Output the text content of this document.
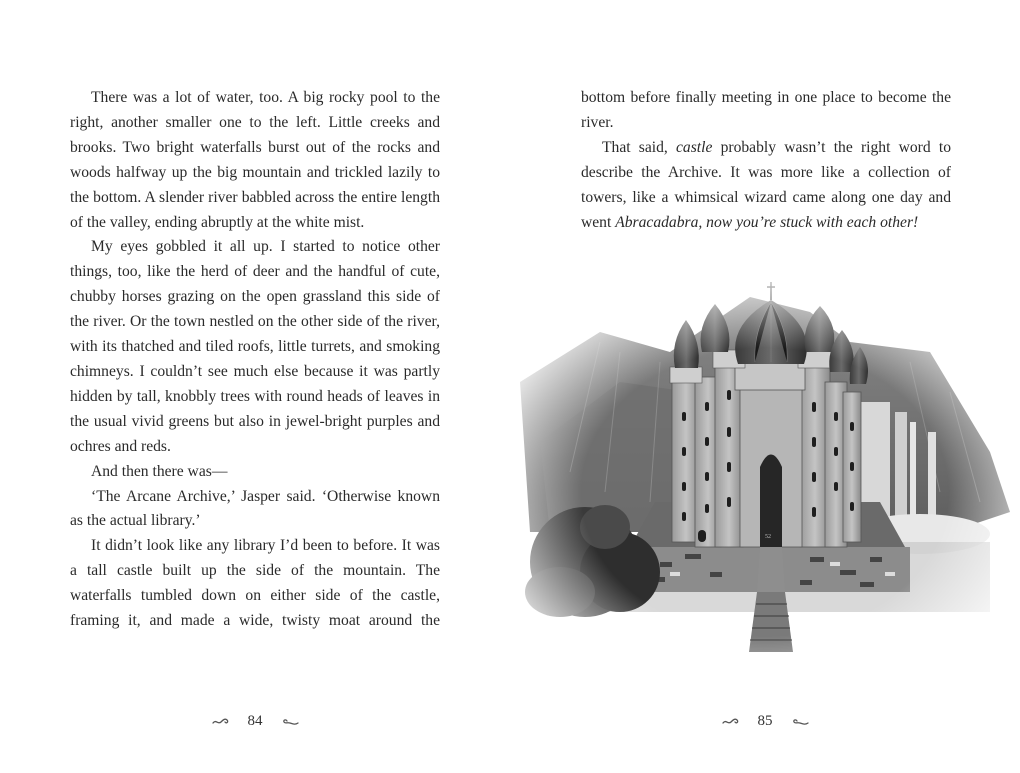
There was a lot of water, too. A big rocky pool to the right, another smaller one to the left. Little creeks and brooks. Two bright waterfalls burst out of the rocks and woods halfway up the big mountain and trickled lazily to the bottom. A slender river babbled across the entire length of the valley, ending abruptly at the white mist.

My eyes gobbled it all up. I started to notice other things, too, like the herd of deer and the handful of cute, chubby horses grazing on the open grassland this side of the river. Or the town nestled on the other side of the river, with its thatched and tiled roofs, little turrets, and smoking chimneys. I couldn’t see much else because it was partly hidden by tall, knobbly trees with round heads of leaves in the usual vivid greens but also in jewel-bright purples and ochres and reds.

And then there was—

‘The Arcane Archive,’ Jasper said. ‘Otherwise known as the actual library.’

It didn’t look like any library I’d been to before. It was a tall castle built up the side of the mountain. The waterfalls tumbled down on either side of the castle, framing it, and made a wide, twisty moat around the

84

bottom before finally meeting in one place to become the river.

That said, castle probably wasn’t the right word to describe the Archive. It was more like a collection of towers, like a whimsical wizard came along one day and went Abracadabra, now you’re stuck with each other!

85
